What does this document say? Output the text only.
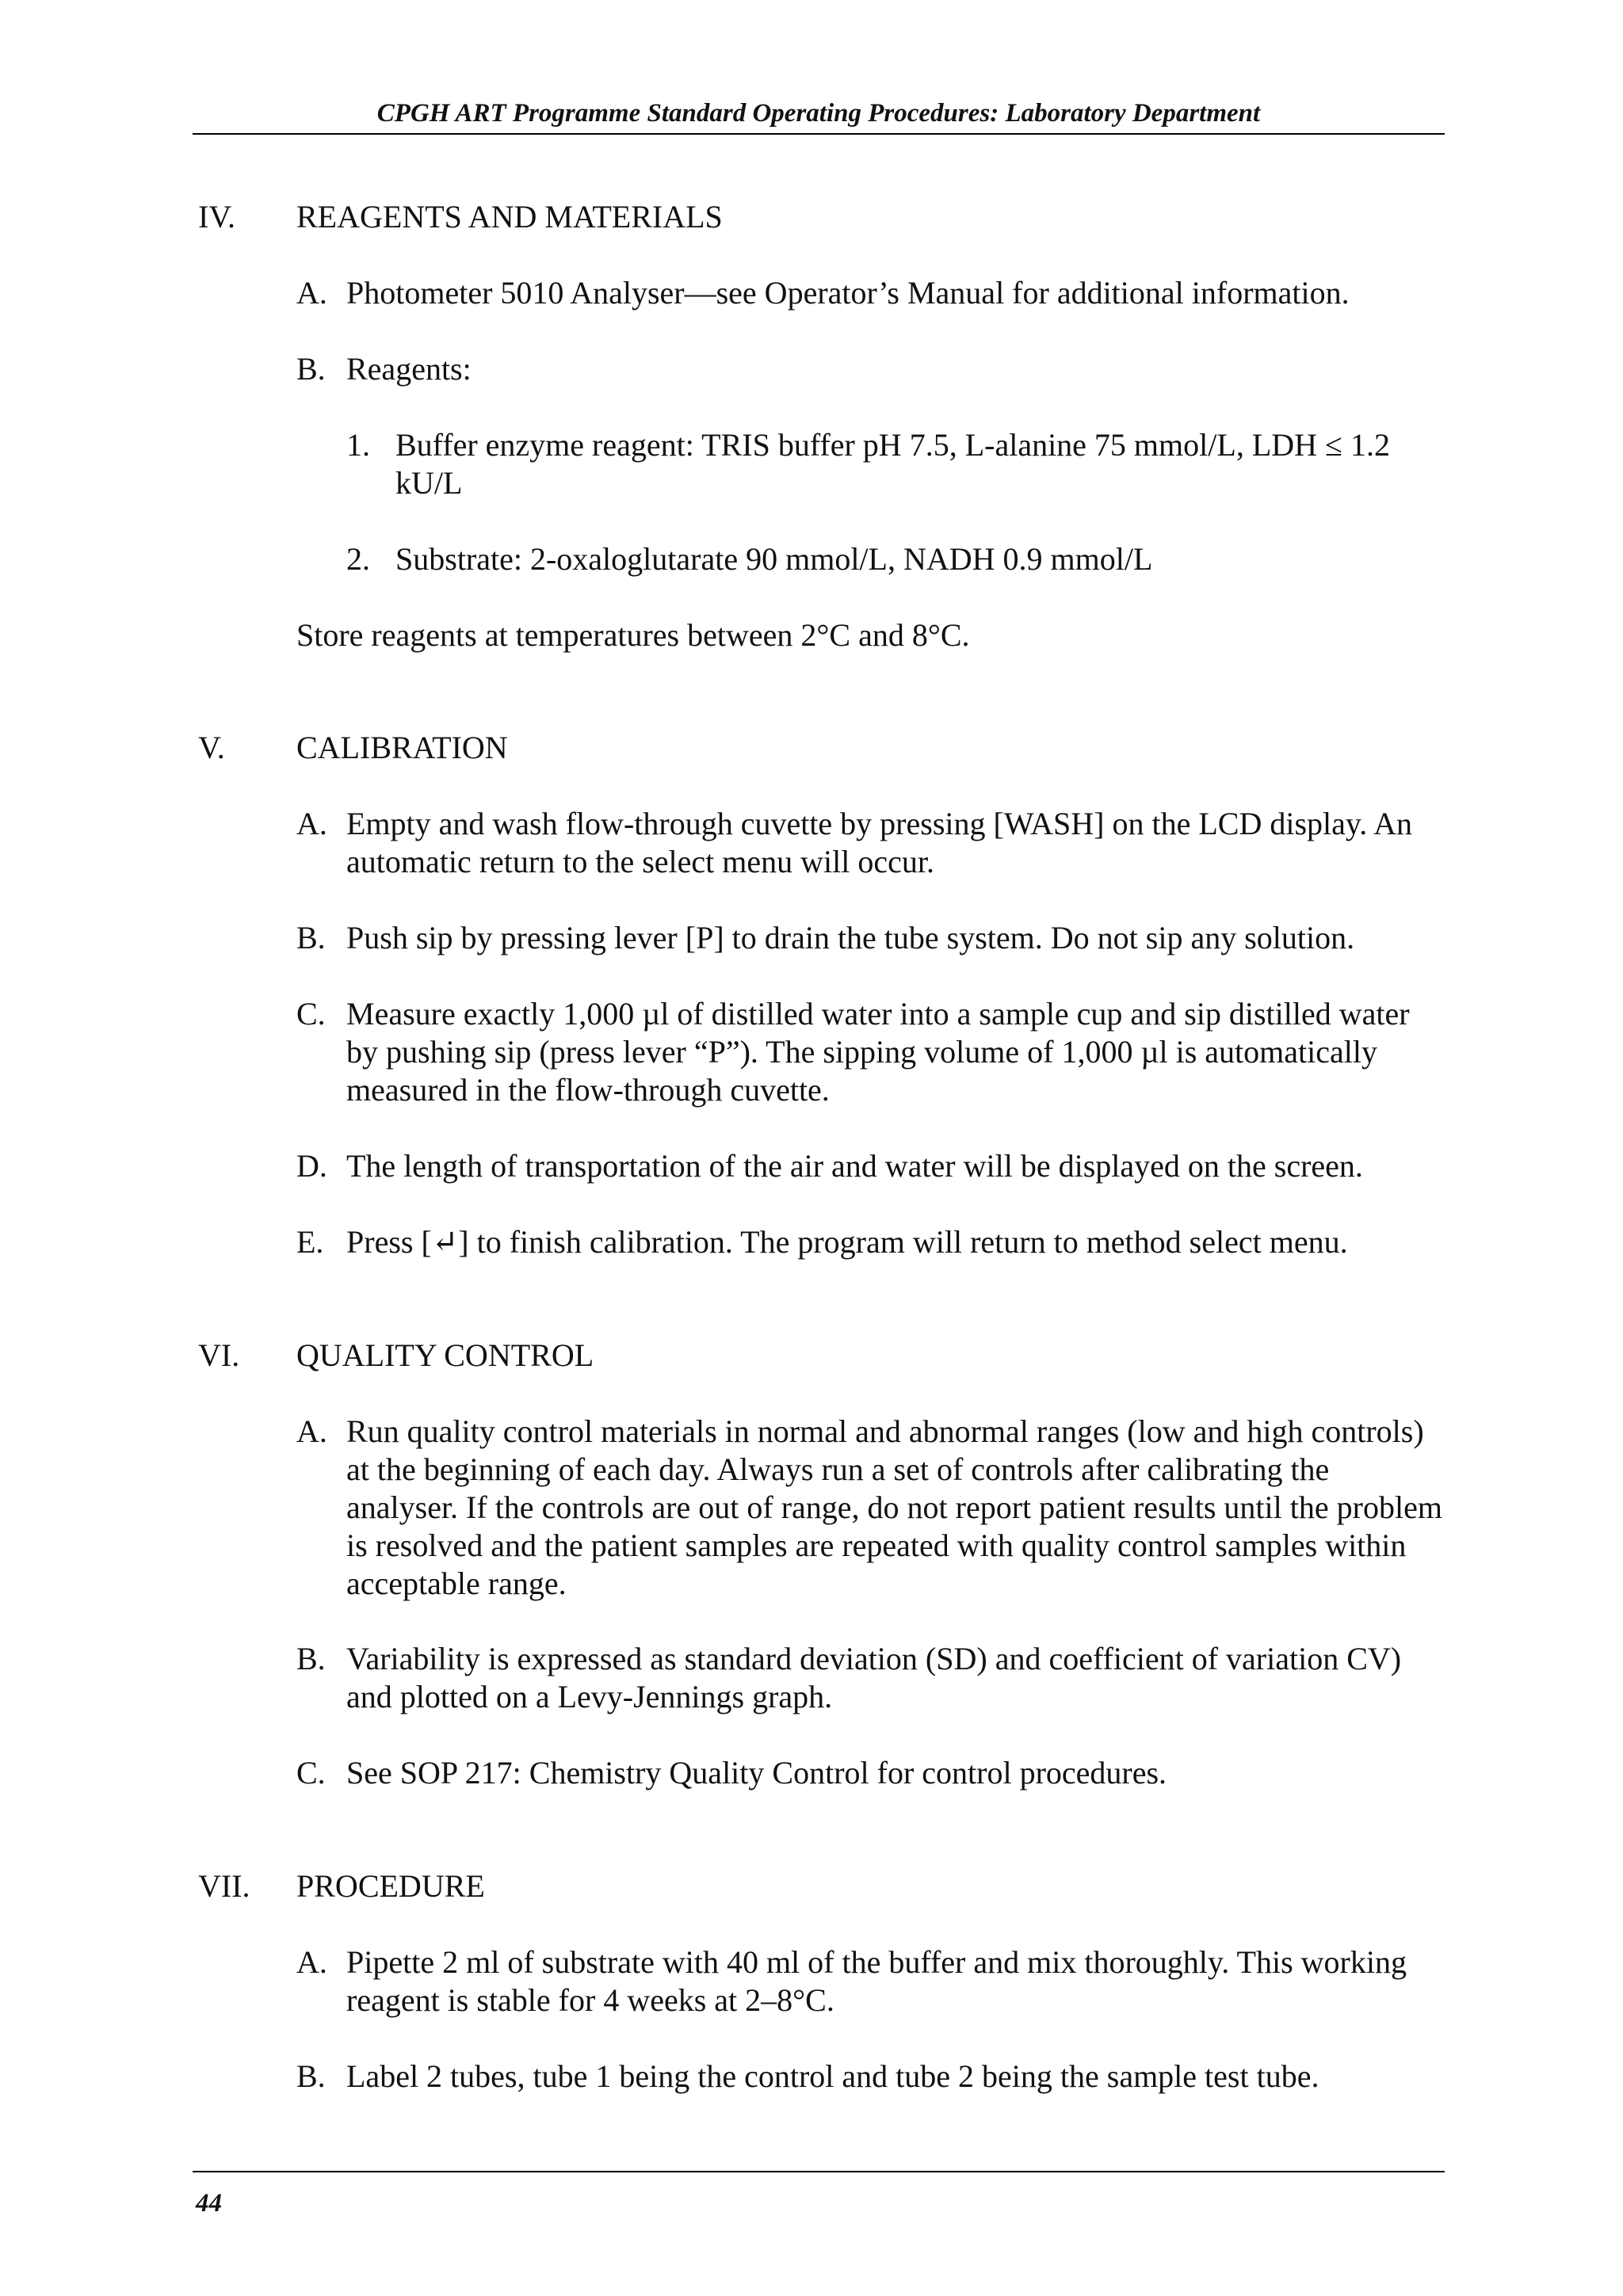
CPGH ART Programme Standard Operating Procedures: Laboratory Department
IV. REAGENTS AND MATERIALS
A. Photometer 5010 Analyser—see Operator’s Manual for additional information.
B. Reagents:
1. Buffer enzyme reagent: TRIS buffer pH 7.5, L-alanine 75 mmol/L, LDH ≤ 1.2 kU/L
2. Substrate: 2-oxaloglutarate 90 mmol/L, NADH 0.9 mmol/L
Store reagents at temperatures between 2°C and 8°C.
V. CALIBRATION
A. Empty and wash flow-through cuvette by pressing [WASH] on the LCD display. An automatic return to the select menu will occur.
B. Push sip by pressing lever [P] to drain the tube system. Do not sip any solution.
C. Measure exactly 1,000 µl of distilled water into a sample cup and sip distilled water by pushing sip (press lever “P”). The sipping volume of 1,000 µl is automatically measured in the flow-through cuvette.
D. The length of transportation of the air and water will be displayed on the screen.
E. Press [↵] to finish calibration. The program will return to method select menu.
VI. QUALITY CONTROL
A. Run quality control materials in normal and abnormal ranges (low and high controls) at the beginning of each day. Always run a set of controls after calibrating the analyser. If the controls are out of range, do not report patient results until the problem is resolved and the patient samples are repeated with quality control samples within acceptable range.
B. Variability is expressed as standard deviation (SD) and coefficient of variation CV) and plotted on a Levy-Jennings graph.
C. See SOP 217: Chemistry Quality Control for control procedures.
VII. PROCEDURE
A. Pipette 2 ml of substrate with 40 ml of the buffer and mix thoroughly. This working reagent is stable for 4 weeks at 2–8°C.
B. Label 2 tubes, tube 1 being the control and tube 2 being the sample test tube.
44
